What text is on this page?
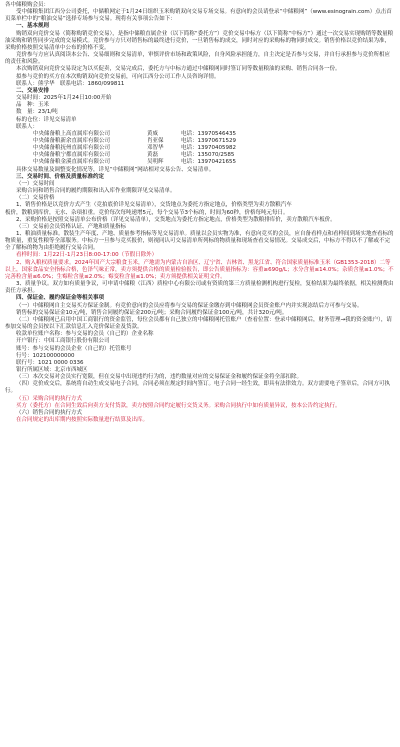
各中储粮购会员：

受中储粮集团江西分公司委托，中储粮网定于1月24日组织玉米购销双向交易专场交易。有意向的会员请登录“中储粮网”（www.esinograin.com）点击首页菜单栏中的“粮油交易”选择专场参与交易。现将有关事项公告如下：

一、基本规则

购销双向竞价交易（简称购销竞价交易），是指中储粮直属企业（以下简称“委托方”）竞价交易中标方（以下简称“中标方”）通过一次交易实现购销等数量粮油采购和销售同步完成的交易模式。竞价参与方只对销售标的最终进行竞价，一旦销售标的成交，同时对应的采购标的物同时成交。销售价格以竞价结果为准，采购价格按照交易清单中公布的价格不变。

竞价参与方应认真阅读本公告、交易细则和交易清单，审慎评价市场和政策风险，自身风险承担能力，自主决定是否参与交易，并自行承担参与竞价所相应的责任和风险。

本次购销双向竞价交易设定为以买促卖，交易完成后，委托方与中标方通过中储粮网同时签订同等数量粮油的采购、销售合同各一份。

拟参与竞价的买方在本次购销双向竞价交易前，可向江西分公司工作人员咨询详情。

联系人：熊学华　联系电话：1860/099811

二、交易安排

交易时间：2025年1月24日10:00开始

品　种：玉米

数　量：23/1/吨

标的仓位：详见交易清单

联系人：

中央储备粮上高直属库有限公司	黄威	电话：13970546435
中央储备粮新余直属库有限公司	肖亚保	电话：13970671529
中央储备粮抚州直属库有限公司	邓智华	电话：13970405982
中央储备粮宁都直属库有限公司	黄磊	电话：135070/2585
中央储备粮金溪直属库有限公司	吴明辉	电话：13970421655

具体交易数量及调整变化情况等，详见“中储粮网”网站相对交易公告、交易清单。

三、交易时间、价格及质量标准约定

（一）交易时间

采购合同和销售合同的履约期限和出入库作业期限详见交易清单。

（二）交易价格

1、销售价格是以竞价方式产生（竞拍底价详见交易清单），交货地点为委托方指定地点，价格类型为卖方散粮汽车

板价，散粮到库价，无水、杂项扣重。竞价每次每吨递增5元，每个交易节3个标的，时间为60秒，价格每吨元每日。

2、采购价格是按照交易清单公布价格（详见交易清单），交货地点为委托方指定地点，价格类型为散粮排库价，卖方散粮汽车板价。

（三）交易前会员资格认证、产地和质量指标

1、粮油质量标准。散装生产年度、产地、质量参考指标等见交易清单。质量以会员实物为准，有意向竞买的会员，应自备看样点和看样间到场实地查看标的物质量，重复性粮等全部服务。中标方一旦参与竞买报价，则视同认可交易清单所列标的物质量和现场查看交易情况。交易成交后，中标方不得以不了解或不完全了解标的物为由拒绝履行交易合同。

看样时间：1月22日-1月23日8:00-17:00（节假日除外）

2、购入粮权质量要求。2024年国产大宗粮食玉米，产地需为内蒙古自治区、辽宁省、吉林省、黑龙江省、符合国家质量标准玉米（GB1353-2018）二等以上，国家食品安全指标合格，色泽气味正常，卖方须提供合格的质量检验报告，即公告质量指标为：容重≥690g/L；水分含量≤14.0%；杂质含量≤1.0%；不完善粒含量≤6.0%；生霉粒含量≤2.0%；霉变粒含量≤1.0%；卖方须提供相关证明文件。

3、质量争议。双方如有质量争议，可申请中储粮（江西）质检中心有限公司或有资质的第三方质量检测机构进行复检，复检结果为最终依据，相关检测费由责任方承担。

四、保证金、履约保证金等相关事项

（一）中储粮网自主交易买方保证金制。有竞价意向的会员应将参与交易的保证金缴存到中储粮网会员资金账户内并实现冻结后方可参与交易。

销售标的交易保证金10元/吨，销售合同履约保证金200元/吨；采购合同履约保证金100元/吨，共计320元/吨。

（二）中储粮网已启用中国工商银行的资金监管，每位会员都有自己独立的中储粮网托管账户（查看位置：登录中储粮网后，财务管理→我的资金账户），请参加交易的会员按以下汇款信息汇入竞价保证金及货款。

收款单位账户名称：参与交易的会员（自己的）企业名称

开户银行：中国工商银行股份有限公司

账号：参与交易的会员企业（自己的）托管账号

行号：102100000000

联行号：1021 0000 0336

银行所属区域：北京市西城区

（三）本次交易对会员实行宽限，但在交易中出现违约行为的，违约数量对应的交易保证金和履约保证金将全部扣除。

（四）竞价成交后，系统将自动生成交易电子合同，合同必须在规定时间内签订。电子合同一经生效，即具有法律效力。双方需要电子签章后，合同方可执行。

（五）采购合同的执行方式

买方（委托方）在合同生效后向卖方支付货款，卖方按照合同约定履行交货义务。采购合同执行中如有质量异议，按本公告约定执行。

（六）销售合同的执行方式

在合同规定的出库期内按照实际数量进行结算及出库。
